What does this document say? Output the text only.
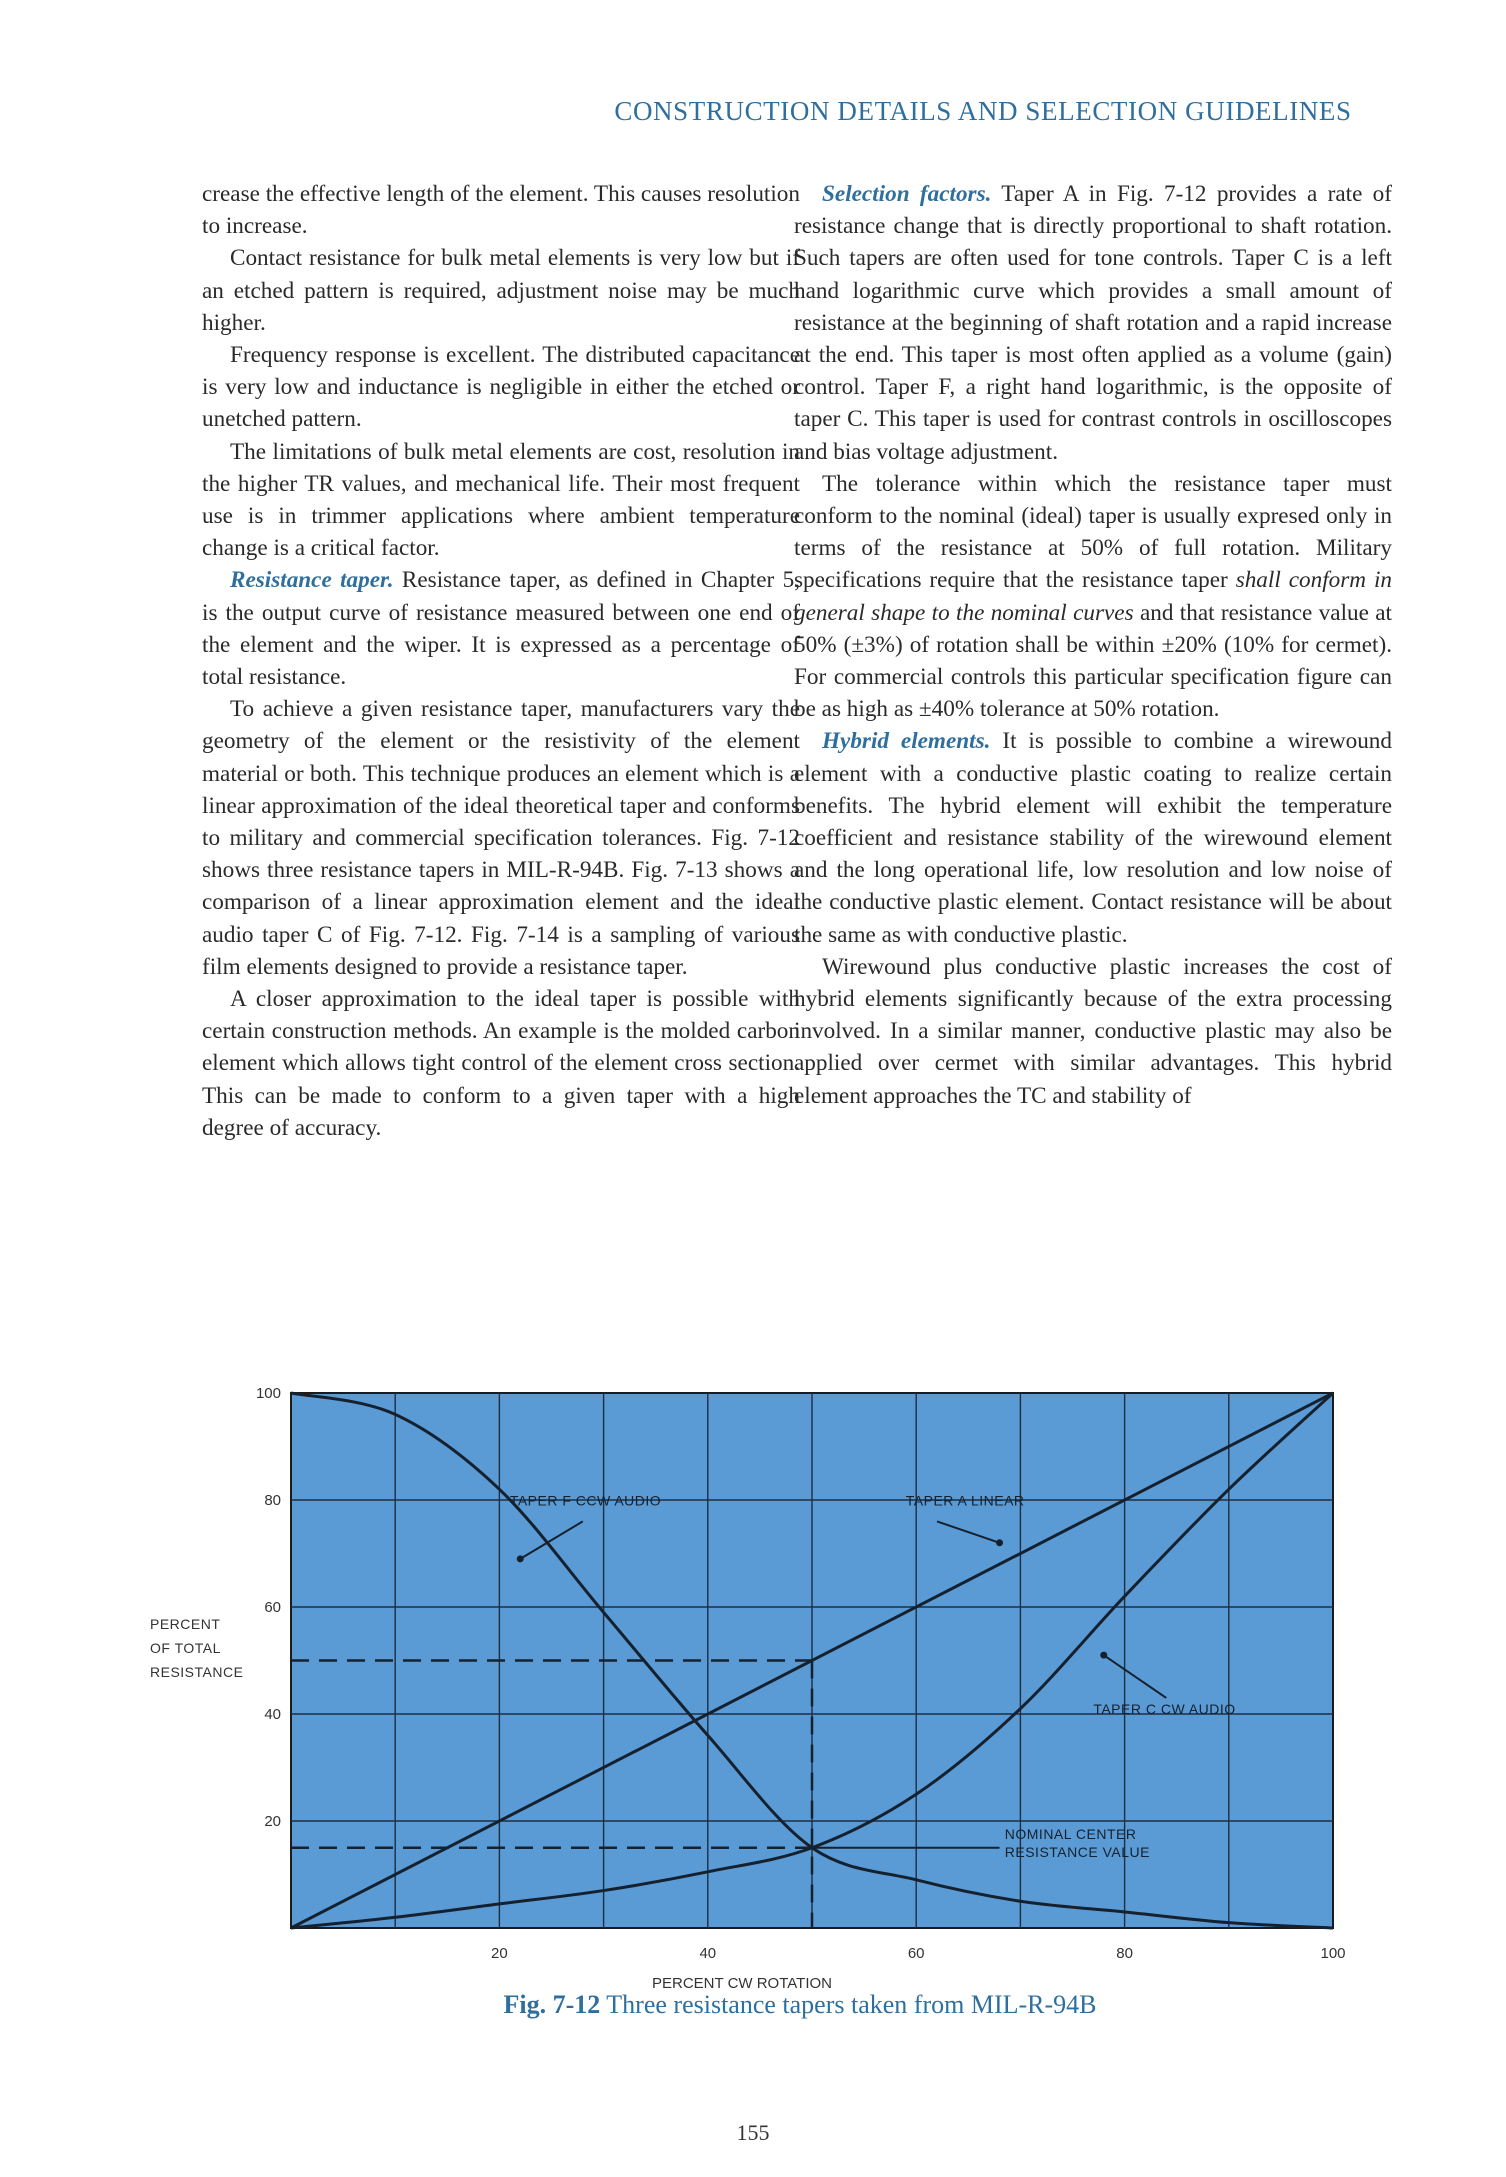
CONSTRUCTION DETAILS AND SELECTION GUIDELINES

crease the effective length of the element. This causes resolution to increase.

Contact resistance for bulk metal elements is very low but if an etched pattern is required, adjustment noise may be much higher.

Frequency response is excellent. The distributed capacitance is very low and inductance is negligible in either the etched or unetched pattern.

The limitations of bulk metal elements are cost, resolution in the higher TR values, and mechanical life. Their most frequent use is in trimmer applications where ambient temperature change is a critical factor.

Resistance taper. Resistance taper, as defined in Chapter 5, is the output curve of resistance measured between one end of the element and the wiper. It is expressed as a percentage of total resistance.

To achieve a given resistance taper, manufacturers vary the geometry of the element or the resistivity of the element material or both. This technique produces an element which is a linear approximation of the ideal theoretical taper and conforms to military and commercial specification tolerances. Fig. 7-12 shows three resistance tapers in MIL-R-94B. Fig. 7-13 shows a comparison of a linear approximation element and the ideal audio taper C of Fig. 7-12. Fig. 7-14 is a sampling of various film elements designed to provide a resistance taper.

A closer approximation to the ideal taper is possible with certain construction methods. An example is the molded carbon element which allows tight control of the element cross section. This can be made to conform to a given taper with a high degree of accuracy.

Selection factors. Taper A in Fig. 7-12 provides a rate of resistance change that is directly proportional to shaft rotation. Such tapers are often used for tone controls. Taper C is a left hand logarithmic curve which provides a small amount of resistance at the beginning of shaft rotation and a rapid increase at the end. This taper is most often applied as a volume (gain) control. Taper F, a right hand logarithmic, is the opposite of taper C. This taper is used for contrast controls in oscilloscopes and bias voltage adjustment.

The tolerance within which the resistance taper must conform to the nominal (ideal) taper is usually expresed only in terms of the resistance at 50% of full rotation. Military specifications require that the resistance taper shall conform in general shape to the nominal curves and that resistance value at 50% (±3%) of rotation shall be within ±20% (10% for cermet). For commercial controls this particular specification figure can be as high as ±40% tolerance at 50% rotation.

Hybrid elements. It is possible to combine a wirewound element with a conductive plastic coating to realize certain benefits. The hybrid element will exhibit the temperature coefficient and resistance stability of the wirewound element and the long operational life, low resolution and low noise of the conductive plastic element. Contact resistance will be about the same as with conductive plastic.

Wirewound plus conductive plastic increases the cost of hybrid elements significantly because of the extra processing involved. In a similar manner, conductive plastic may also be applied over cermet with similar advantages. This hybrid element approaches the TC and stability of

20	40	60	80	100
20
40
60
80
100
TAPER A LINEAR
TAPER C CW AUDIO
TAPER F CCW AUDIO
NOMINAL CENTER
RESISTANCE VALUE
PERCENT
OF TOTAL
RESISTANCE
PERCENT CW ROTATION
Fig. 7-12 Three resistance tapers taken from MIL-R-94B
155
